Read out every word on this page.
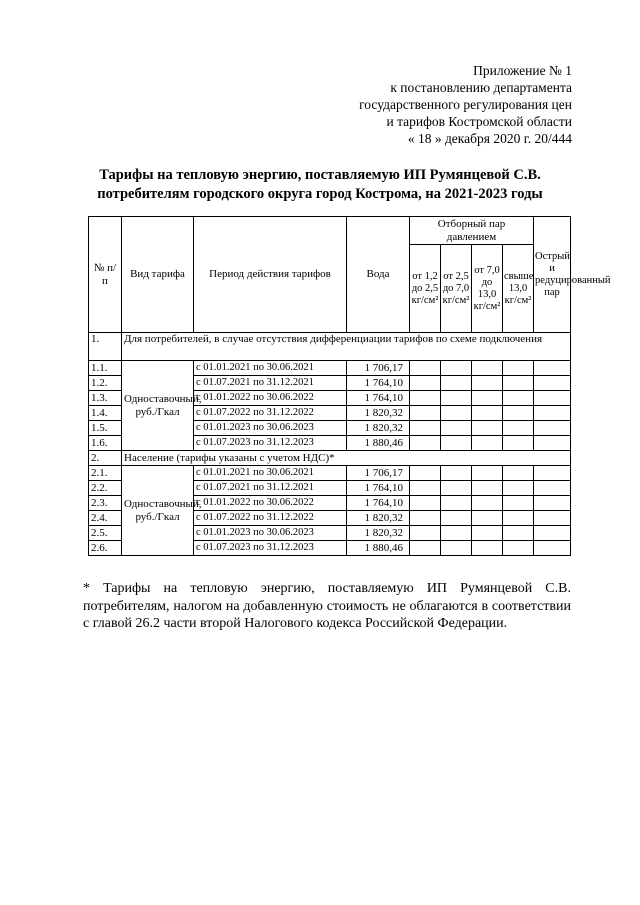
Приложение № 1
к постановлению департамента
государственного регулирования цен
и тарифов Костромской области
« 18 » декабря 2020 г. 20/444
Тарифы на тепловую энергию, поставляемую ИП Румянцевой С.В.
потребителям городского округа город Кострома, на 2021-2023 годы
№ п/п	Вид тарифа	Период действия тарифов	Вода	Отборный пар давлением				Острый и редуцированный пар
				от 1,2 до 2,5 кг/см²	от 2,5 до 7,0 кг/см²	от 7,0 до 13,0 кг/см²	свыше 13,0 кг/см²	
1.	Для потребителей, в случае отсутствия дифференциации тарифов по схеме подключения							
1.1.	Одноставочный, руб./Гкал	с 01.01.2021 по 30.06.2021	1 706,17					
1.2.		с 01.07.2021 по 31.12.2021	1 764,10					
1.3.		с 01.01.2022 по 30.06.2022	1 764,10					
1.4.		с 01.07.2022 по 31.12.2022	1 820,32					
1.5.		с 01.01.2023 по 30.06.2023	1 820,32					
1.6.		с 01.07.2023 по 31.12.2023	1 880,46					
2.	Население (тарифы указаны с учетом НДС)*							
2.1.	Одноставочный, руб./Гкал	с 01.01.2021 по 30.06.2021	1 706,17					
2.2.		с 01.07.2021 по 31.12.2021	1 764,10					
2.3.		с 01.01.2022 по 30.06.2022	1 764,10					
2.4.		с 01.07.2022 по 31.12.2022	1 820,32					
2.5.		с 01.01.2023 по 30.06.2023	1 820,32					
2.6.		с 01.07.2023 по 31.12.2023	1 880,46					
* Тарифы на тепловую энергию, поставляемую ИП Румянцевой С.В. потребителям, налогом на добавленную стоимость не облагаются в соответствии с главой 26.2 части второй Налогового кодекса Российской Федерации.
